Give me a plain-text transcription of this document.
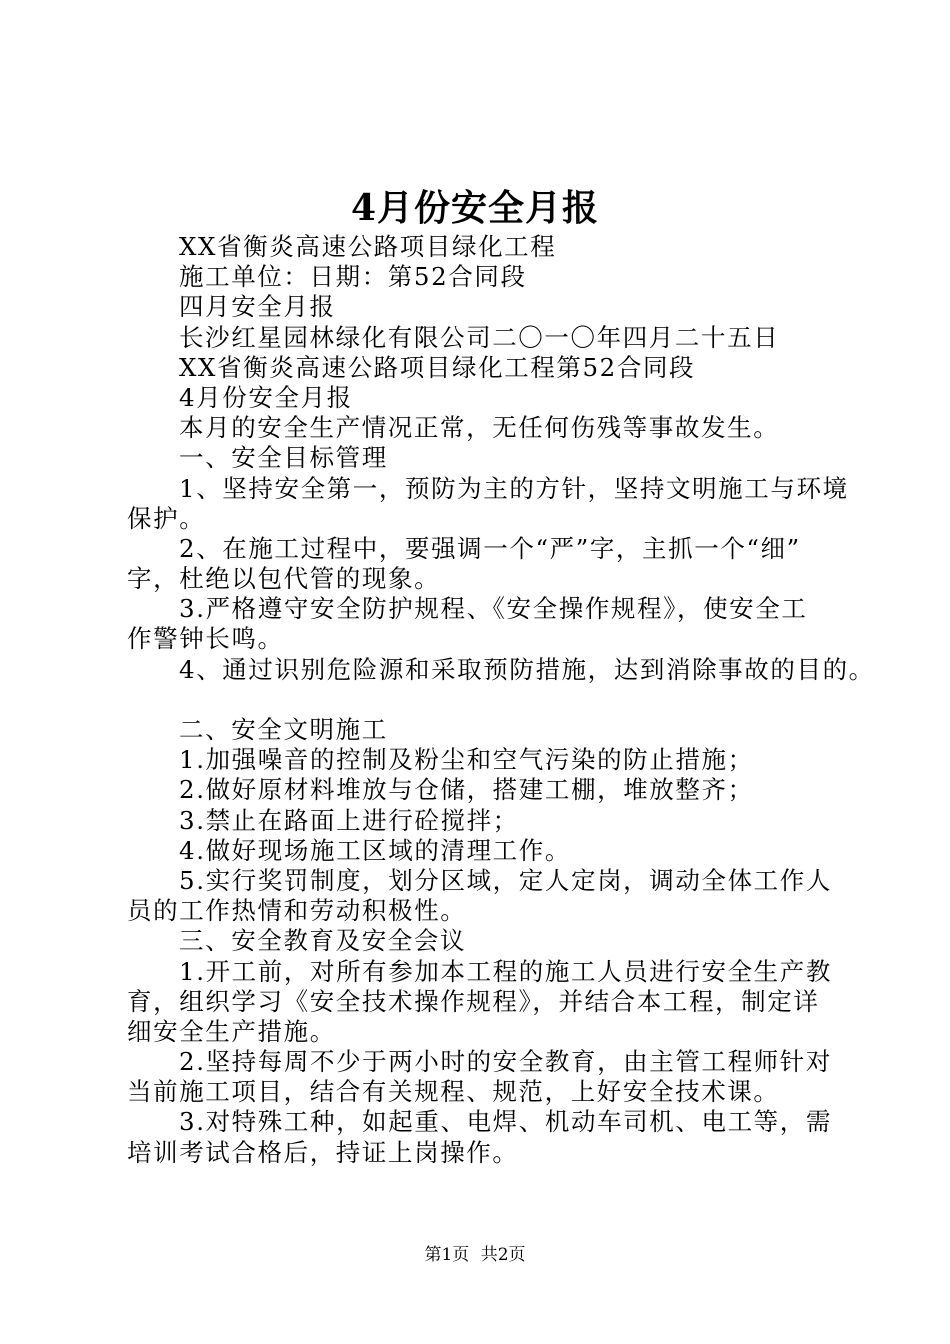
4月份安全月报
XX省衡炎高速公路项目绿化工程
施工单位：日期：第52合同段
四月安全月报
长沙红星园林绿化有限公司二〇一〇年四月二十五日
XX省衡炎高速公路项目绿化工程第52合同段
4月份安全月报
本月的安全生产情况正常，无任何伤残等事故发生。
一、安全目标管理
1、坚持安全第一，预防为主的方针，坚持文明施工与环境
保护。
2、在施工过程中，要强调一个“严”字，主抓一个“细”
字，杜绝以包代管的现象。
3.严格遵守安全防护规程、《安全操作规程》，使安全工
作警钟长鸣。
4、通过识别危险源和采取预防措施，达到消除事故的目的。
二、安全文明施工
1.加强噪音的控制及粉尘和空气污染的防止措施；
2.做好原材料堆放与仓储，搭建工棚，堆放整齐；
3.禁止在路面上进行砼搅拌；
4.做好现场施工区域的清理工作。
5.实行奖罚制度，划分区域，定人定岗，调动全体工作人
员的工作热情和劳动积极性。
三、安全教育及安全会议
1.开工前，对所有参加本工程的施工人员进行安全生产教
育，组织学习《安全技术操作规程》，并结合本工程，制定详
细安全生产措施。
2.坚持每周不少于两小时的安全教育，由主管工程师针对
当前施工项目，结合有关规程、规范，上好安全技术课。
3.对特殊工种，如起重、电焊、机动车司机、电工等，需
培训考试合格后，持证上岗操作。
第1页 共2页
